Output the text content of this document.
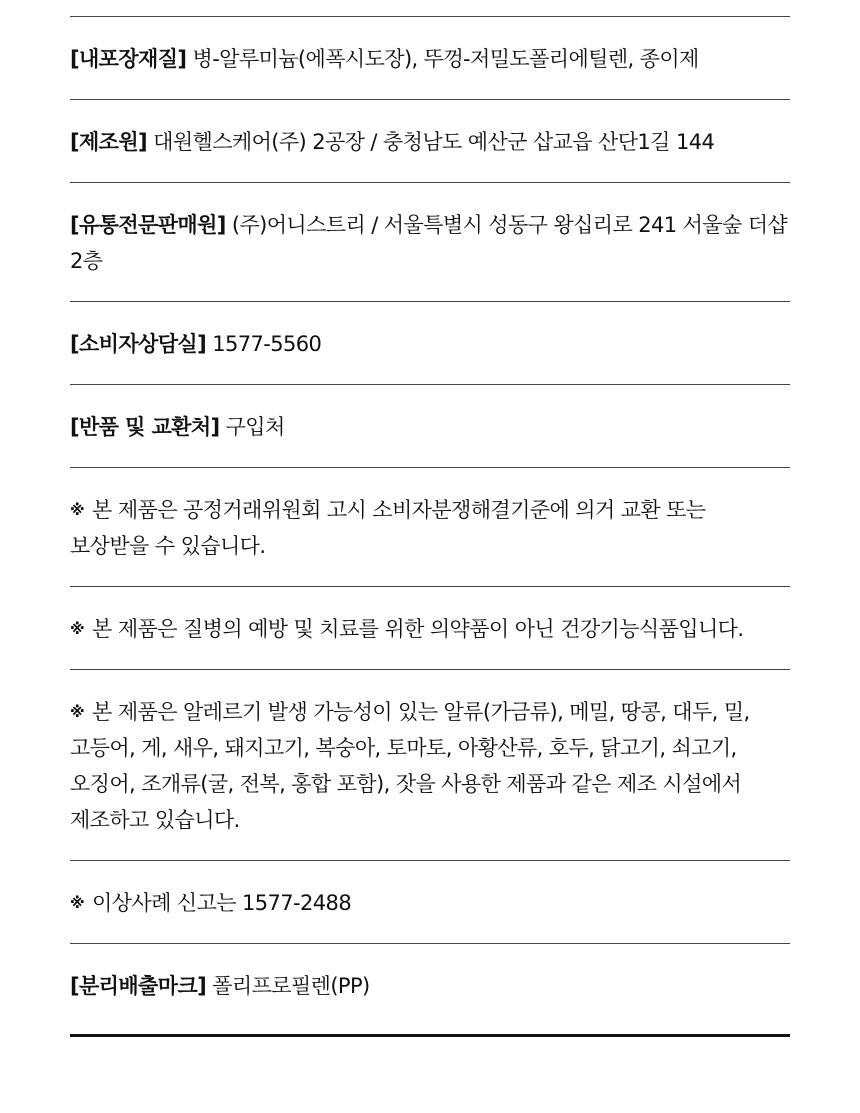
[내포장재질] 병-알루미늄(에폭시도장), 뚜껑-저밀도폴리에틸렌, 종이제
[제조원] 대원헬스케어(주) 2공장 / 충청남도 예산군 삽교읍 산단1길 144
[유통전문판매원] (주)어니스트리 / 서울특별시 성동구 왕십리로 241 서울숲 더샵 2층
[소비자상담실] 1577-5560
[반품 및 교환처] 구입처
※ 본 제품은 공정거래위원회 고시 소비자분쟁해결기준에 의거 교환 또는 보상받을 수 있습니다.
※ 본 제품은 질병의 예방 및 치료를 위한 의약품이 아닌 건강기능식품입니다.
※ 본 제품은 알레르기 발생 가능성이 있는 알류(가금류), 메밀, 땅콩, 대두, 밀,고등어, 게, 새우, 돼지고기, 복숭아, 토마토, 아황산류, 호두, 닭고기, 쇠고기, 오징어, 조개류(굴, 전복, 홍합 포함), 잣을 사용한 제품과 같은 제조 시설에서 제조하고 있습니다.
※ 이상사례 신고는 1577-2488
[분리배출마크] 폴리프로필렌(PP)
